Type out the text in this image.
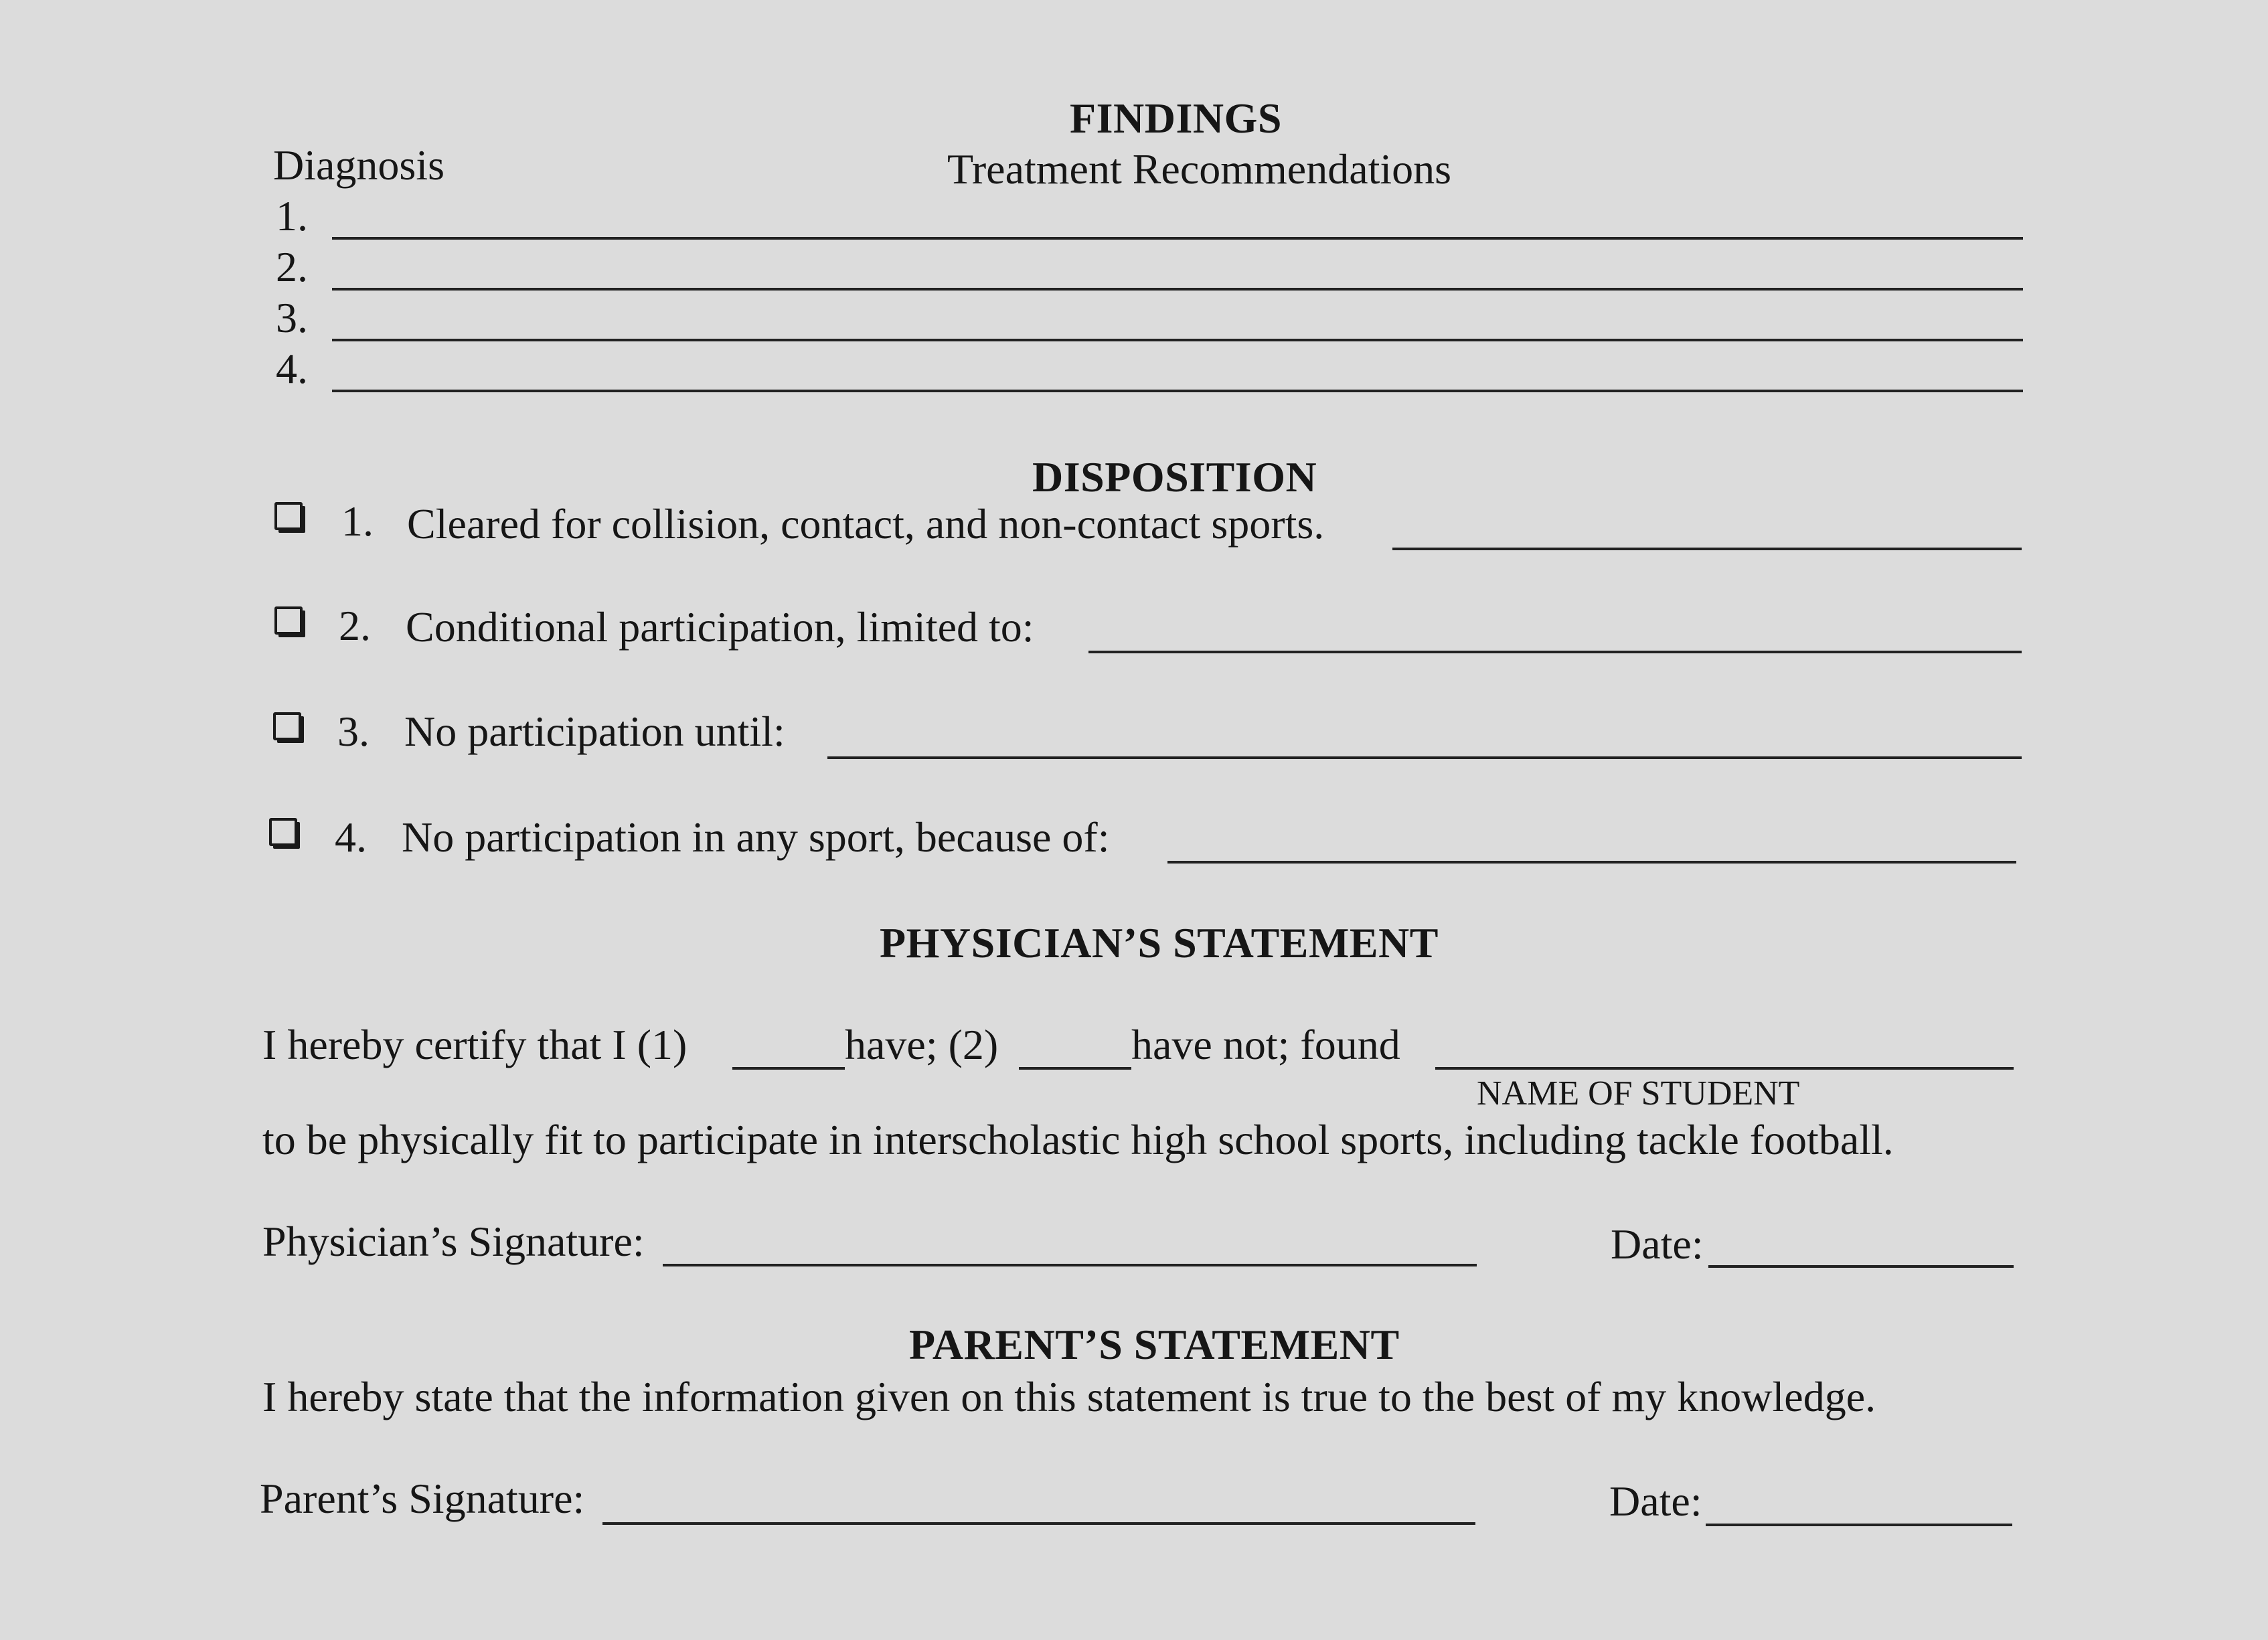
FINDINGS
Treatment Recommendations
Diagnosis
1.
2.
3.
4.
DISPOSITION
1. Cleared for collision, contact, and non-contact sports.
2. Conditional participation, limited to:
3. No participation until:
4. No participation in any sport, because of:
PHYSICIAN’S STATEMENT
I hereby certify that I (1)	have; (2)	have not; found
NAME OF STUDENT
to be physically fit to participate in interscholastic high school sports, including tackle football.
Physician’s Signature:	Date:
PARENT’S STATEMENT
I hereby state that the information given on this statement is true to the best of my knowledge.
Parent’s Signature:	Date:
